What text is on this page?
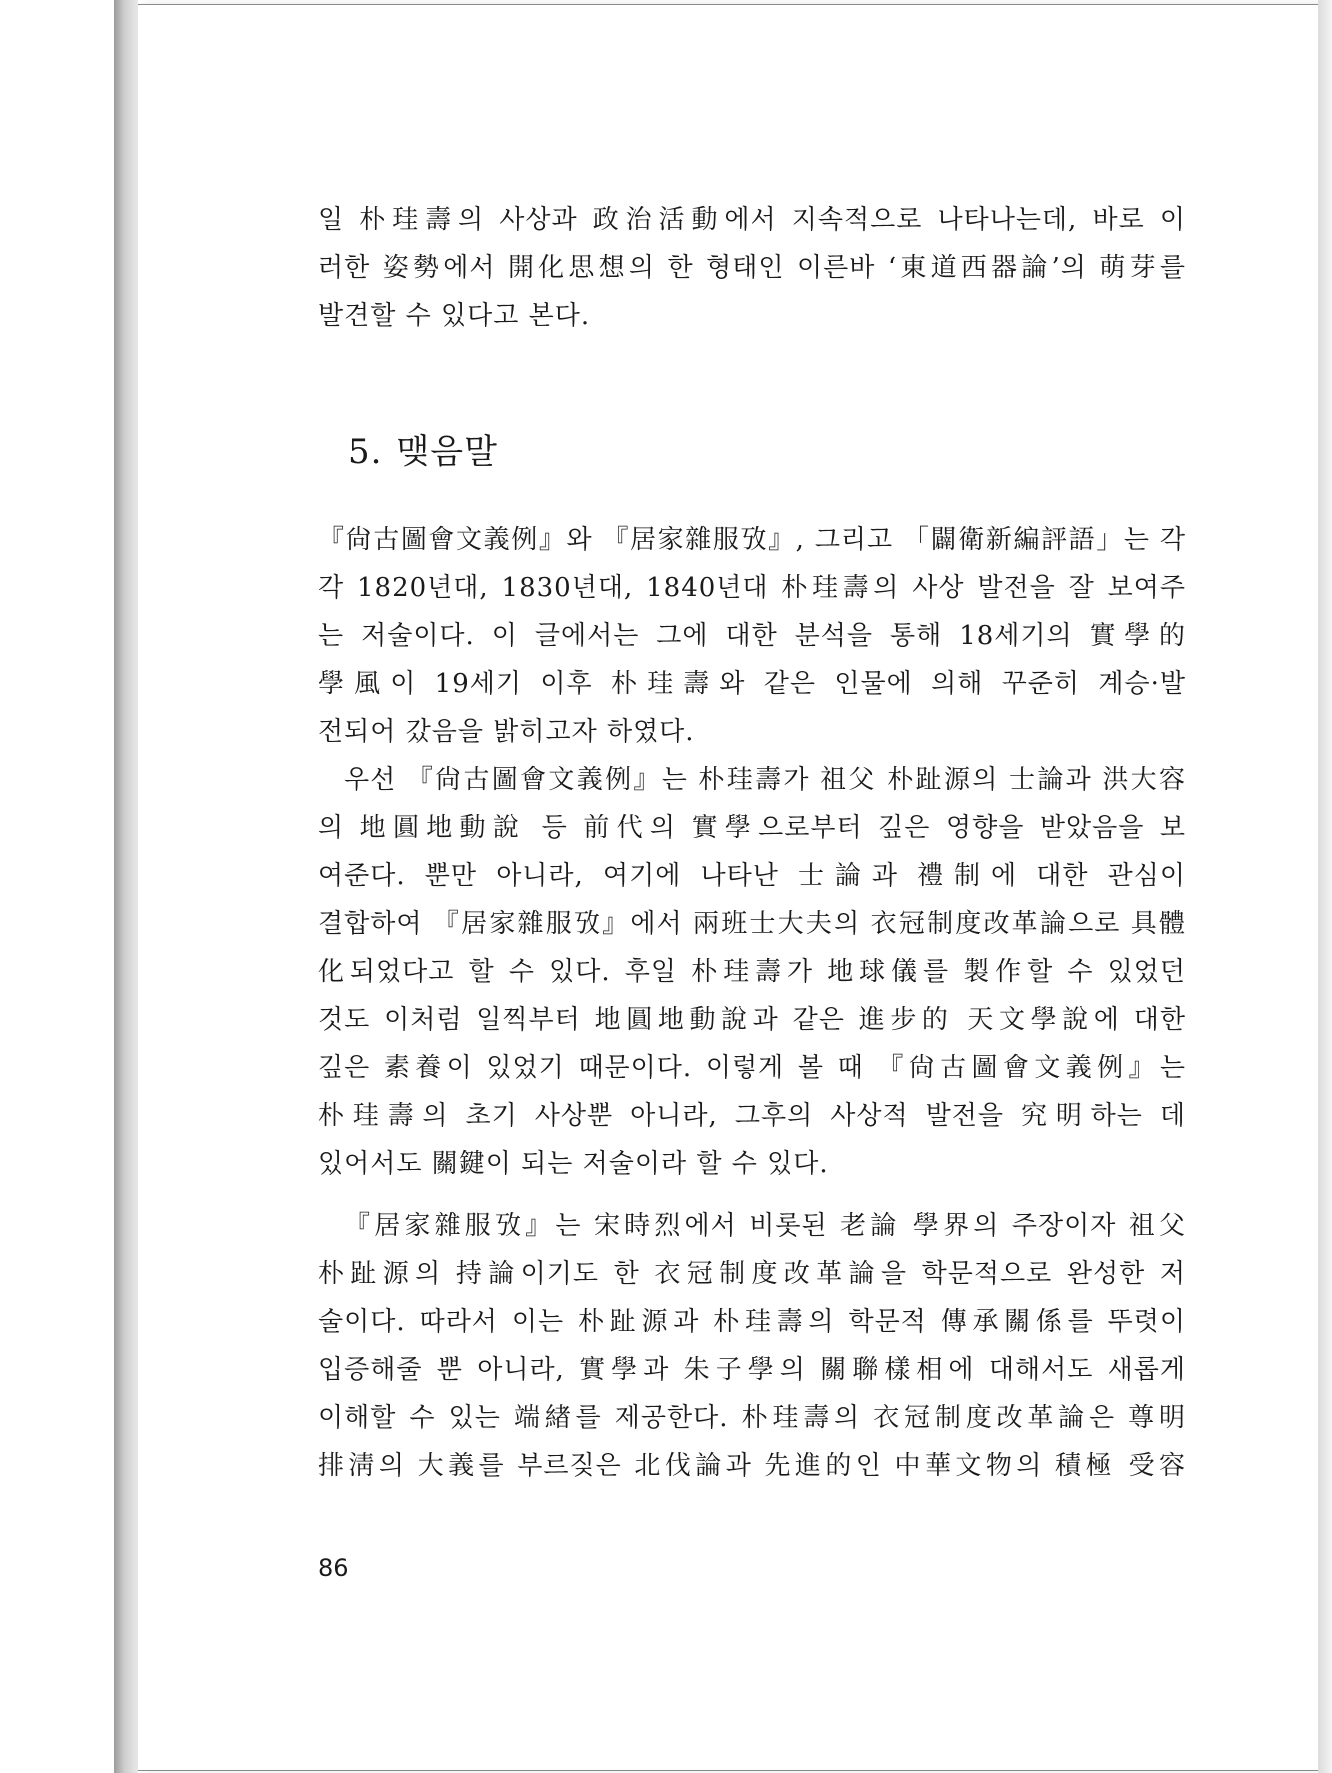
일 朴珪壽의 사상과 政治活動에서 지속적으로 나타나는데, 바로 이

러한 姿勢에서 開化思想의 한 형태인 이른바 ‘東道西器論’의 萌芽를

발견할 수 있다고 본다.

5. 맺음말

『尙古圖會文義例』와 『居家雜服攷』, 그리고 「闢衛新編評語」는 각

각 1820년대, 1830년대, 1840년대 朴珪壽의 사상 발전을 잘 보여주

는 저술이다. 이 글에서는 그에 대한 분석을 통해 18세기의 實學的

學風이 19세기 이후 朴珪壽와 같은 인물에 의해 꾸준히 계승·발

전되어 갔음을 밝히고자 하였다.

우선 『尙古圖會文義例』는 朴珪壽가 祖父 朴趾源의 士論과 洪大容

의 地圓地動說 등 前代의 實學으로부터 깊은 영향을 받았음을 보

여준다. 뿐만 아니라, 여기에 나타난 士論과 禮制에 대한 관심이

결합하여 『居家雜服攷』에서 兩班士大夫의 衣冠制度改革論으로 具體

化되었다고 할 수 있다. 후일 朴珪壽가 地球儀를 製作할 수 있었던

것도 이처럼 일찍부터 地圓地動說과 같은 進步的 天文學說에 대한

깊은 素養이 있었기 때문이다. 이렇게 볼 때 『尙古圖會文義例』는

朴珪壽의 초기 사상뿐 아니라, 그후의 사상적 발전을 究明하는 데

있어서도 關鍵이 되는 저술이라 할 수 있다.

『居家雜服攷』는 宋時烈에서 비롯된 老論 學界의 주장이자 祖父

朴趾源의 持論이기도 한 衣冠制度改革論을 학문적으로 완성한 저

술이다. 따라서 이는 朴趾源과 朴珪壽의 학문적 傳承關係를 뚜렷이

입증해줄 뿐 아니라, 實學과 朱子學의 關聯樣相에 대해서도 새롭게

이해할 수 있는 端緖를 제공한다. 朴珪壽의 衣冠制度改革論은 尊明

排淸의 大義를 부르짖은 北伐論과 先進的인 中華文物의 積極 受容

86
